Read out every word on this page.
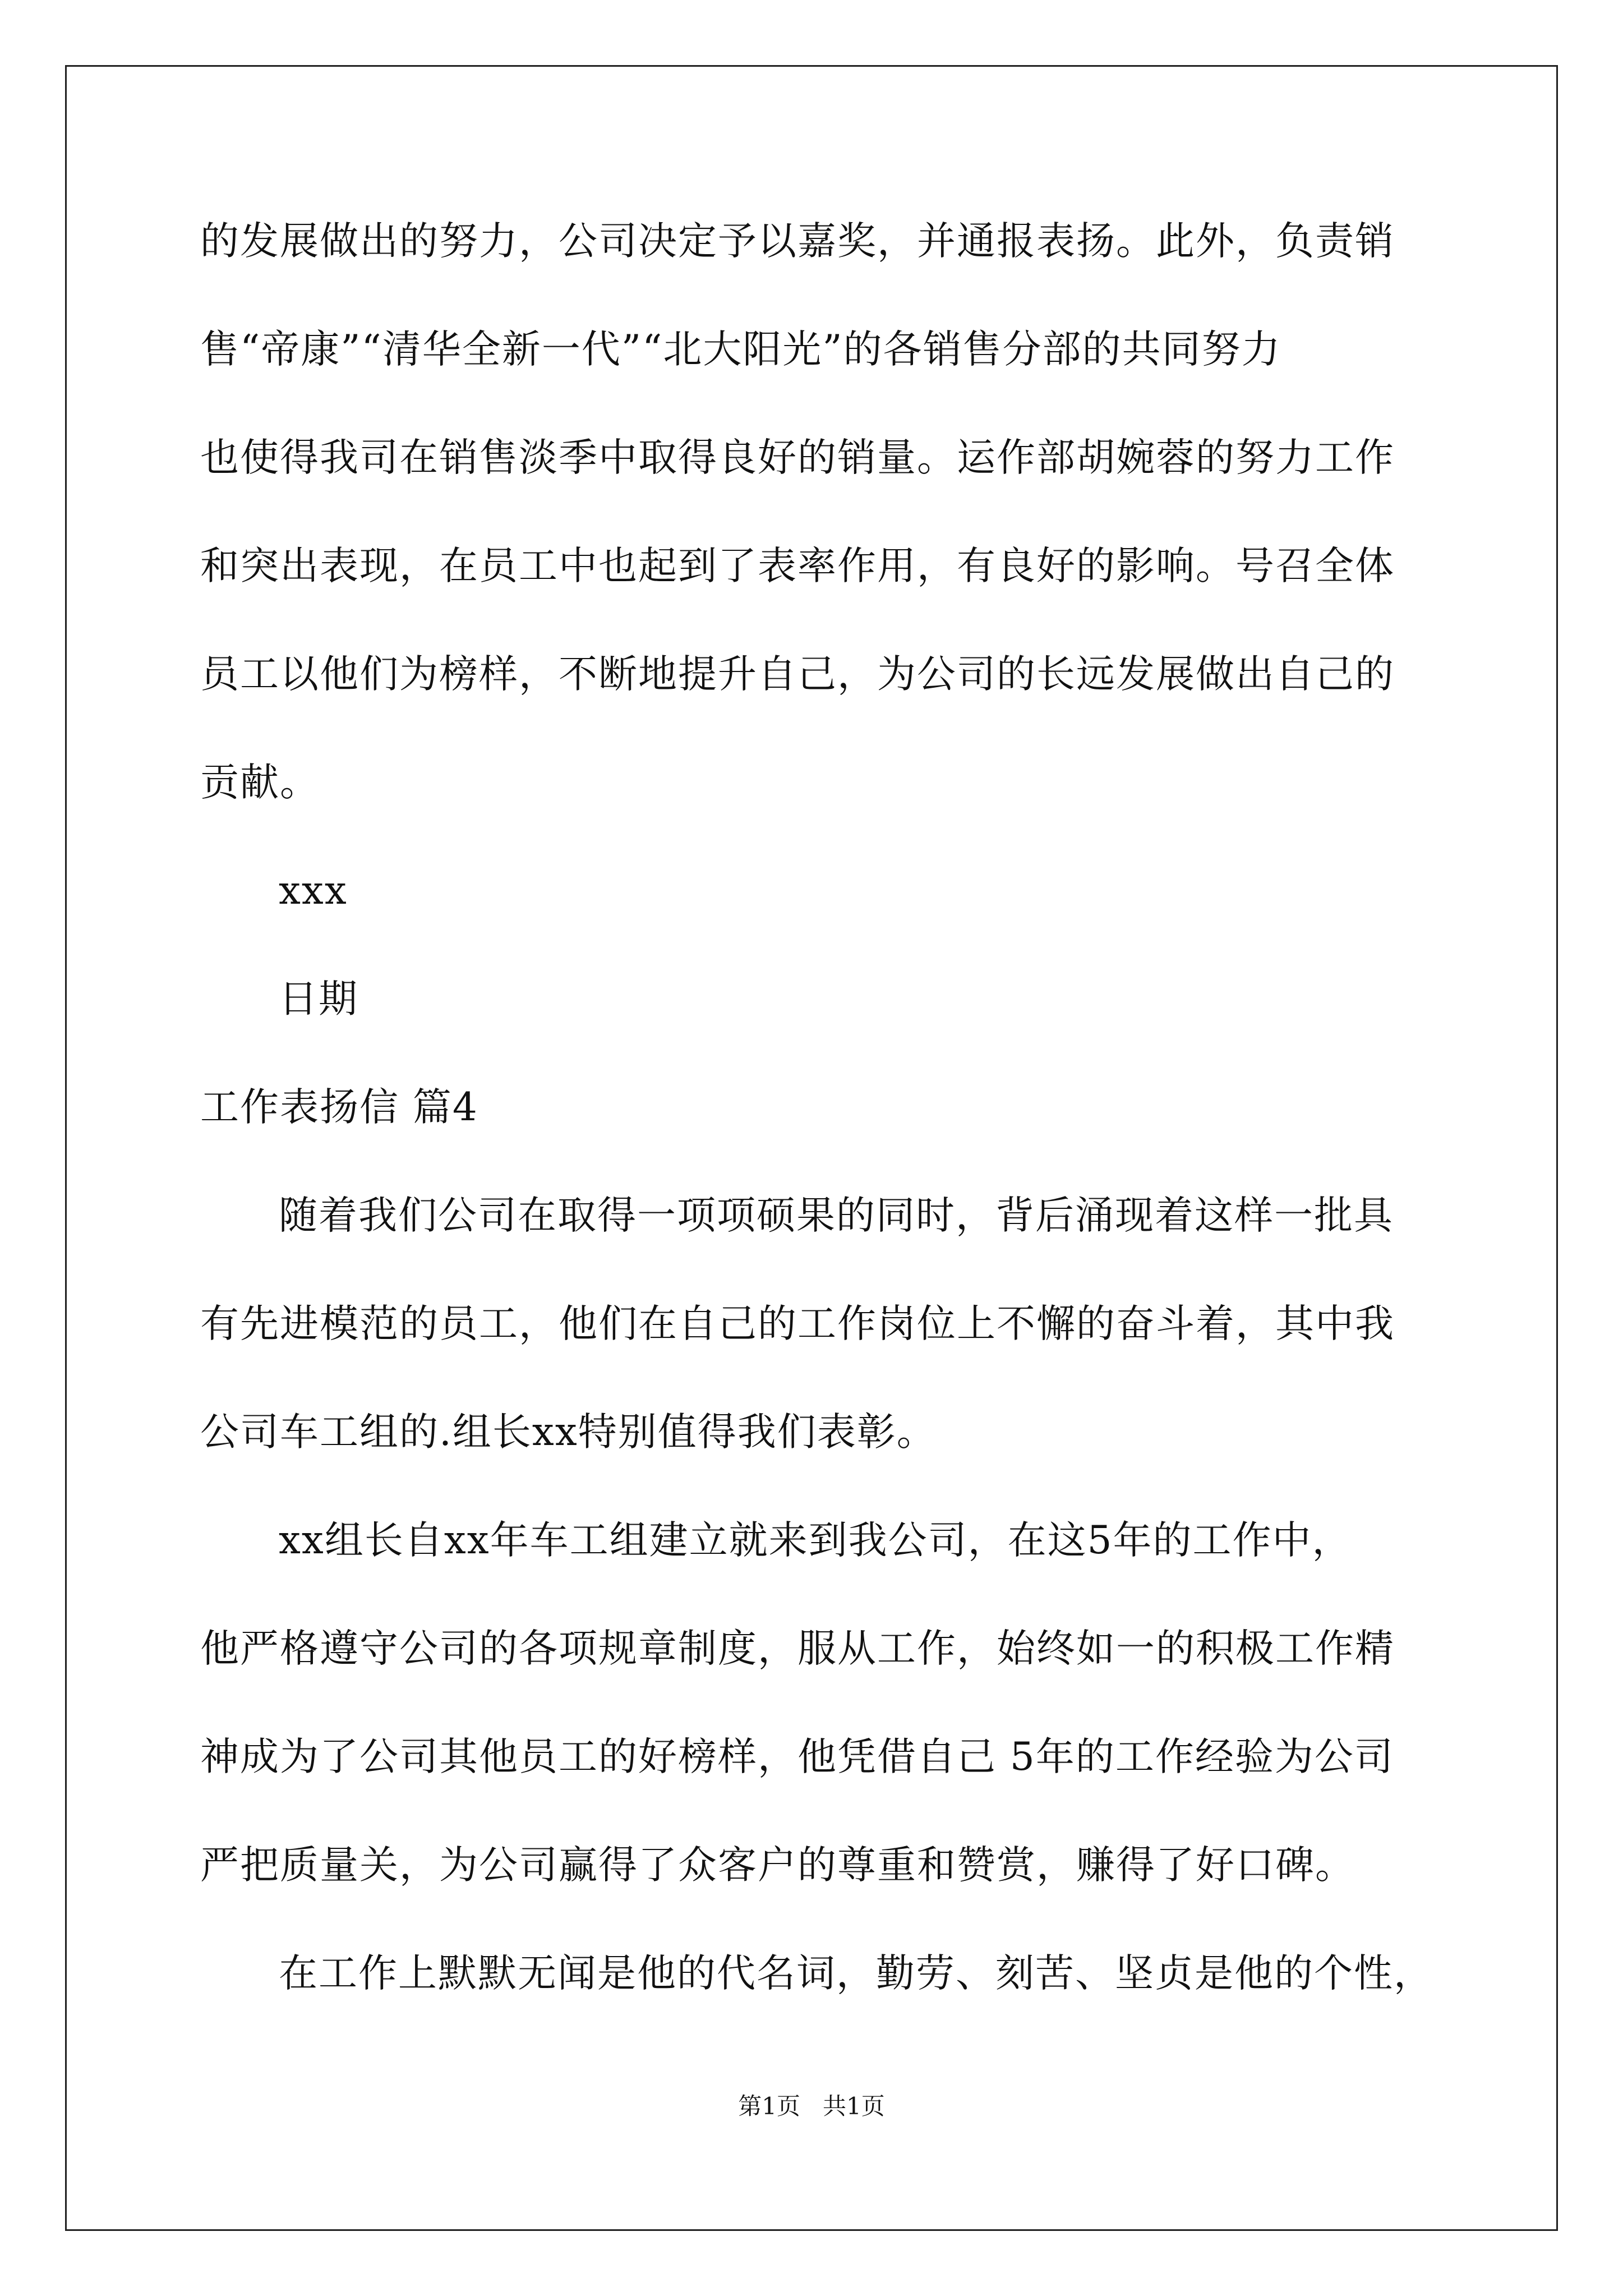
的发展做出的努力，公司决定予以嘉奖，并通报表扬。此外，负责销
售“帝康”“清华全新一代”“北大阳光”的各销售分部的共同努力
也使得我司在销售淡季中取得良好的销量。运作部胡婉蓉的努力工作
和突出表现，在员工中也起到了表率作用，有良好的影响。号召全体
员工以他们为榜样，不断地提升自己，为公司的长远发展做出自己的
贡献。
xxx
日期
工作表扬信 篇4
随着我们公司在取得一项项硕果的同时，背后涌现着这样一批具
有先进模范的员工，他们在自己的工作岗位上不懈的奋斗着，其中我
公司车工组的.组长xx特别值得我们表彰。
xx组长自xx年车工组建立就来到我公司，在这5年的工作中，
他严格遵守公司的各项规章制度，服从工作，始终如一的积极工作精
神成为了公司其他员工的好榜样，他凭借自己 5年的工作经验为公司
严把质量关，为公司赢得了众客户的尊重和赞赏，赚得了好口碑。
在工作上默默无闻是他的代名词，勤劳、刻苦、坚贞是他的个性，
第1页   共1页
